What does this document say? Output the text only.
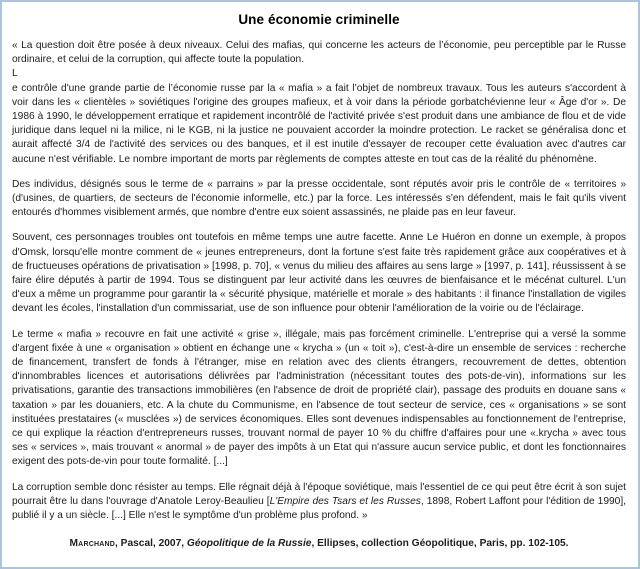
Une économie criminelle

« La question doit être posée à deux niveaux. Celui des mafias, qui concerne les acteurs de l’économie, peu perceptible par le Russe ordinaire, et celui de la corruption, qui affecte toute la population.

L

e contrôle d'une grande partie de l’économie russe par la « mafia » a fait l’objet de nombreux travaux. Tous les auteurs s'accordent à voir dans les « clientèles » soviétiques l'origine des groupes mafieux, et à voir dans la période gorbatchévienne leur « Âge d'or ». De 1986 à 1990, le développement erratique et rapidement incontrôlé de l'activité privée s'est produit dans une ambiance de flou et de vide juridique dans lequel ni la milice, ni le KGB, ni la justice ne pouvaient accorder la moindre protection. Le racket se généralisa donc et aurait affecté 3/4 de l'activité des services ou des banques, et il est inutile d'essayer de recouper cette évaluation avec d'autres car aucune n'est vérifiable. Le nombre important de morts par règlements de comptes atteste en tout cas de la réalité du phénomène.

Des individus, désignés sous le terme de « parrains » par la presse occidentale, sont réputés avoir pris le contrôle de « territoires » (d'usines, de quartiers, de secteurs de l'économie informelle, etc.) par la force. Les intéressés s'en défendent, mais le fait qu'ils vivent entourés d'hommes visiblement armés, que nombre d'entre eux soient assassinés, ne plaide pas en leur faveur.

Souvent, ces personnages troubles ont toutefois en même temps une autre facette. Anne Le Huéron en donne un exemple, à propos d'Omsk, lorsqu'elle montre comment de « jeunes entrepreneurs, dont la fortune s'est faite très rapidement grâce aux coopératives et à de fructueuses opérations de privatisation » [1998, p. 70], « venus du milieu des affaires au sens large » [1997, p. 141], réussissent à se faire élire députés à partir de 1994. Tous se distinguent par leur activité dans les œuvres de bienfaisance et le mécénat culturel. L'un d'eux a même un programme pour garantir la « sécurité physique, matérielle et morale » des habitants : il finance l'installation de vigiles devant les écoles, l'installation d'un commissariat, use de son influence pour obtenir l'amélioration de la voirie ou de l'éclairage.

Le terme « mafia » recouvre en fait une activité « grise », illégale, mais pas forcément criminelle. L'entreprise qui a versé la somme d'argent fixée à une « organisation » obtient en échange une « krycha » (un « toit »), c'est-à-dire un ensemble de services : recherche de financement, transfert de fonds à l'étranger, mise en relation avec des clients étrangers, recouvrement de dettes, obtention d'innombrables licences et autorisations délivrées par l'administration (nécessitant toutes des pots-de-vin), informations sur les privatisations, garantie des transactions immobilières (en l'absence de droit de propriété clair), passage des produits en douane sans « taxation » par les douaniers, etc. A la chute du Communisme, en l'absence de tout secteur de service, ces « organisations » se sont instituées prestataires (« musclées ») de services économiques. Elles sont devenues indispensables au fonctionnement de l'entreprise, ce qui explique la réaction d'entrepreneurs russes, trouvant normal de payer 10 % du chiffre d'affaires pour une «.krycha » avec tous ses « services », mais trouvant « anormal » de payer des impôts à un Etat qui n'assure aucun service public, et dont les fonctionnaires exigent des pots-de-vin pour toute formalité. [...]

La corruption semble donc résister au temps. Elle régnait déjà à l'époque soviétique, mais l'essentiel de ce qui peut être écrit à son sujet pourrait être lu dans l'ouvrage d'Anatole Leroy-Beaulieu [L'Empire des Tsars et les Russes, 1898, Robert Laffont pour l'édition de 1990], publié il y a un siècle. [...] Elle n'est le symptôme d'un problème plus profond. »

Marchand, Pascal, 2007, Géopolitique de la Russie, Ellipses, collection Géopolitique, Paris, pp. 102-105.
